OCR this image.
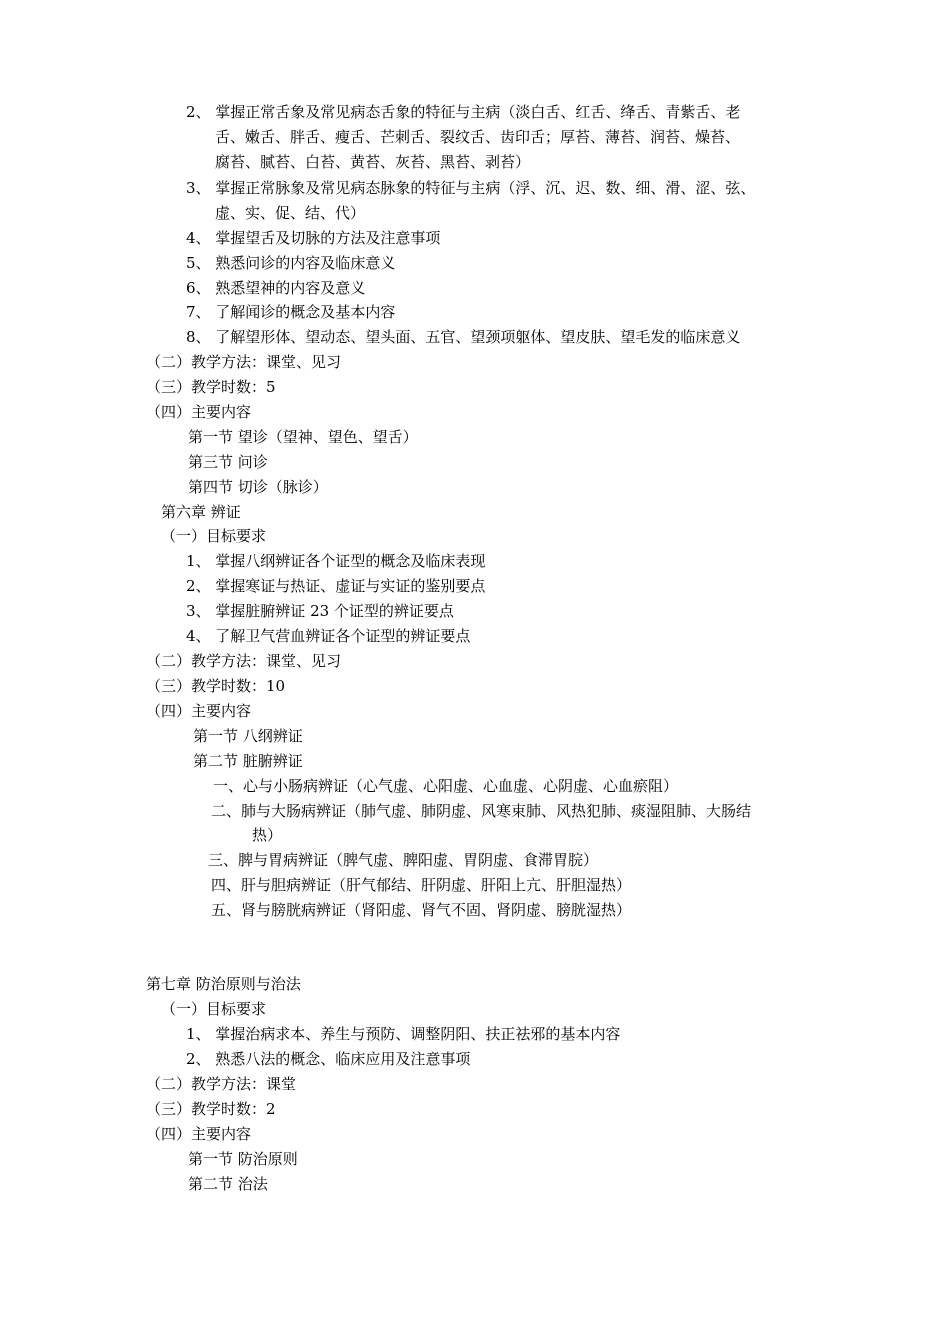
2、 掌握正常舌象及常见病态舌象的特征与主病（淡白舌、红舌、绛舌、青紫舌、老
舌、嫩舌、胖舌、瘦舌、芒刺舌、裂纹舌、齿印舌；厚苔、薄苔、润苔、燥苔、
腐苔、腻苔、白苔、黄苔、灰苔、黑苔、剥苔）
3、 掌握正常脉象及常见病态脉象的特征与主病（浮、沉、迟、数、细、滑、涩、弦、
虚、实、促、结、代）
4、 掌握望舌及切脉的方法及注意事项
5、 熟悉问诊的内容及临床意义
6、 熟悉望神的内容及意义
7、 了解闻诊的概念及基本内容
8、 了解望形体、望动态、望头面、五官、望颈项躯体、望皮肤、望毛发的临床意义
（二）教学方法：课堂、见习
（三）教学时数：5
（四）主要内容
第一节 望诊（望神、望色、望舌）
第三节 问诊
第四节 切诊（脉诊）
第六章 辨证
（一）目标要求
1、 掌握八纲辨证各个证型的概念及临床表现
2、 掌握寒证与热证、虚证与实证的鉴别要点
3、 掌握脏腑辨证 23 个证型的辨证要点
4、 了解卫气营血辨证各个证型的辨证要点
（二）教学方法：课堂、见习
（三）教学时数：10
（四）主要内容
第一节 八纲辨证
第二节 脏腑辨证
一、心与小肠病辨证（心气虚、心阳虚、心血虚、心阴虚、心血瘀阻）
二、肺与大肠病辨证（肺气虚、肺阴虚、风寒束肺、风热犯肺、痰湿阻肺、大肠结
热）
三、脾与胃病辨证（脾气虚、脾阳虚、胃阴虚、食滞胃脘）
四、肝与胆病辨证（肝气郁结、肝阴虚、肝阳上亢、肝胆湿热）
五、肾与膀胱病辨证（肾阳虚、肾气不固、肾阴虚、膀胱湿热）
第七章 防治原则与治法
（一）目标要求
1、 掌握治病求本、养生与预防、调整阴阳、扶正祛邪的基本内容
2、 熟悉八法的概念、临床应用及注意事项
（二）教学方法：课堂
（三）教学时数：2
（四）主要内容
第一节 防治原则
第二节 治法
